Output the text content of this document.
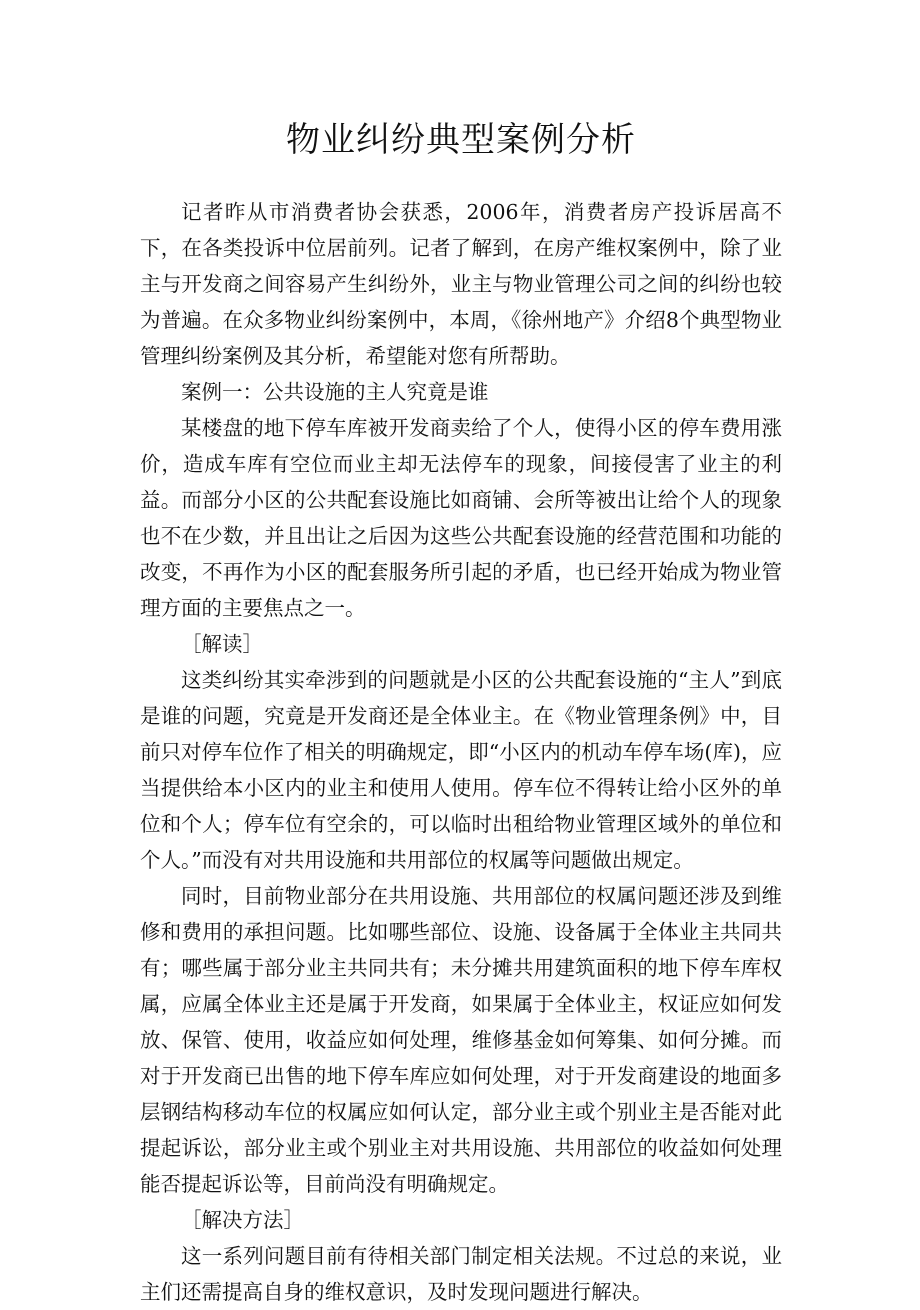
物业纠纷典型案例分析

记者昨从市消费者协会获悉，2006年，消费者房产投诉居高不下，在各类投诉中位居前列。记者了解到，在房产维权案例中，除了业主与开发商之间容易产生纠纷外，业主与物业管理公司之间的纠纷也较为普遍。在众多物业纠纷案例中，本周，《徐州地产》介绍8个典型物业管理纠纷案例及其分析，希望能对您有所帮助。

案例一：公共设施的主人究竟是谁

某楼盘的地下停车库被开发商卖给了个人，使得小区的停车费用涨价，造成车库有空位而业主却无法停车的现象，间接侵害了业主的利益。而部分小区的公共配套设施比如商铺、会所等被出让给个人的现象也不在少数，并且出让之后因为这些公共配套设施的经营范围和功能的改变，不再作为小区的配套服务所引起的矛盾，也已经开始成为物业管理方面的主要焦点之一。

［解读］

这类纠纷其实牵涉到的问题就是小区的公共配套设施的“主人”到底是谁的问题，究竟是开发商还是全体业主。在《物业管理条例》中，目前只对停车位作了相关的明确规定，即“小区内的机动车停车场(库)，应当提供给本小区内的业主和使用人使用。停车位不得转让给小区外的单位和个人；停车位有空余的，可以临时出租给物业管理区域外的单位和个人。”而没有对共用设施和共用部位的权属等问题做出规定。

同时，目前物业部分在共用设施、共用部位的权属问题还涉及到维修和费用的承担问题。比如哪些部位、设施、设备属于全体业主共同共有；哪些属于部分业主共同共有；未分摊共用建筑面积的地下停车库权属，应属全体业主还是属于开发商，如果属于全体业主，权证应如何发放、保管、使用，收益应如何处理，维修基金如何筹集、如何分摊。而对于开发商已出售的地下停车库应如何处理，对于开发商建设的地面多层钢结构移动车位的权属应如何认定，部分业主或个别业主是否能对此提起诉讼，部分业主或个别业主对共用设施、共用部位的收益如何处理能否提起诉讼等，目前尚没有明确规定。

［解决方法］

这一系列问题目前有待相关部门制定相关法规。不过总的来说，业主们还需提高自身的维权意识，及时发现问题进行解决。
